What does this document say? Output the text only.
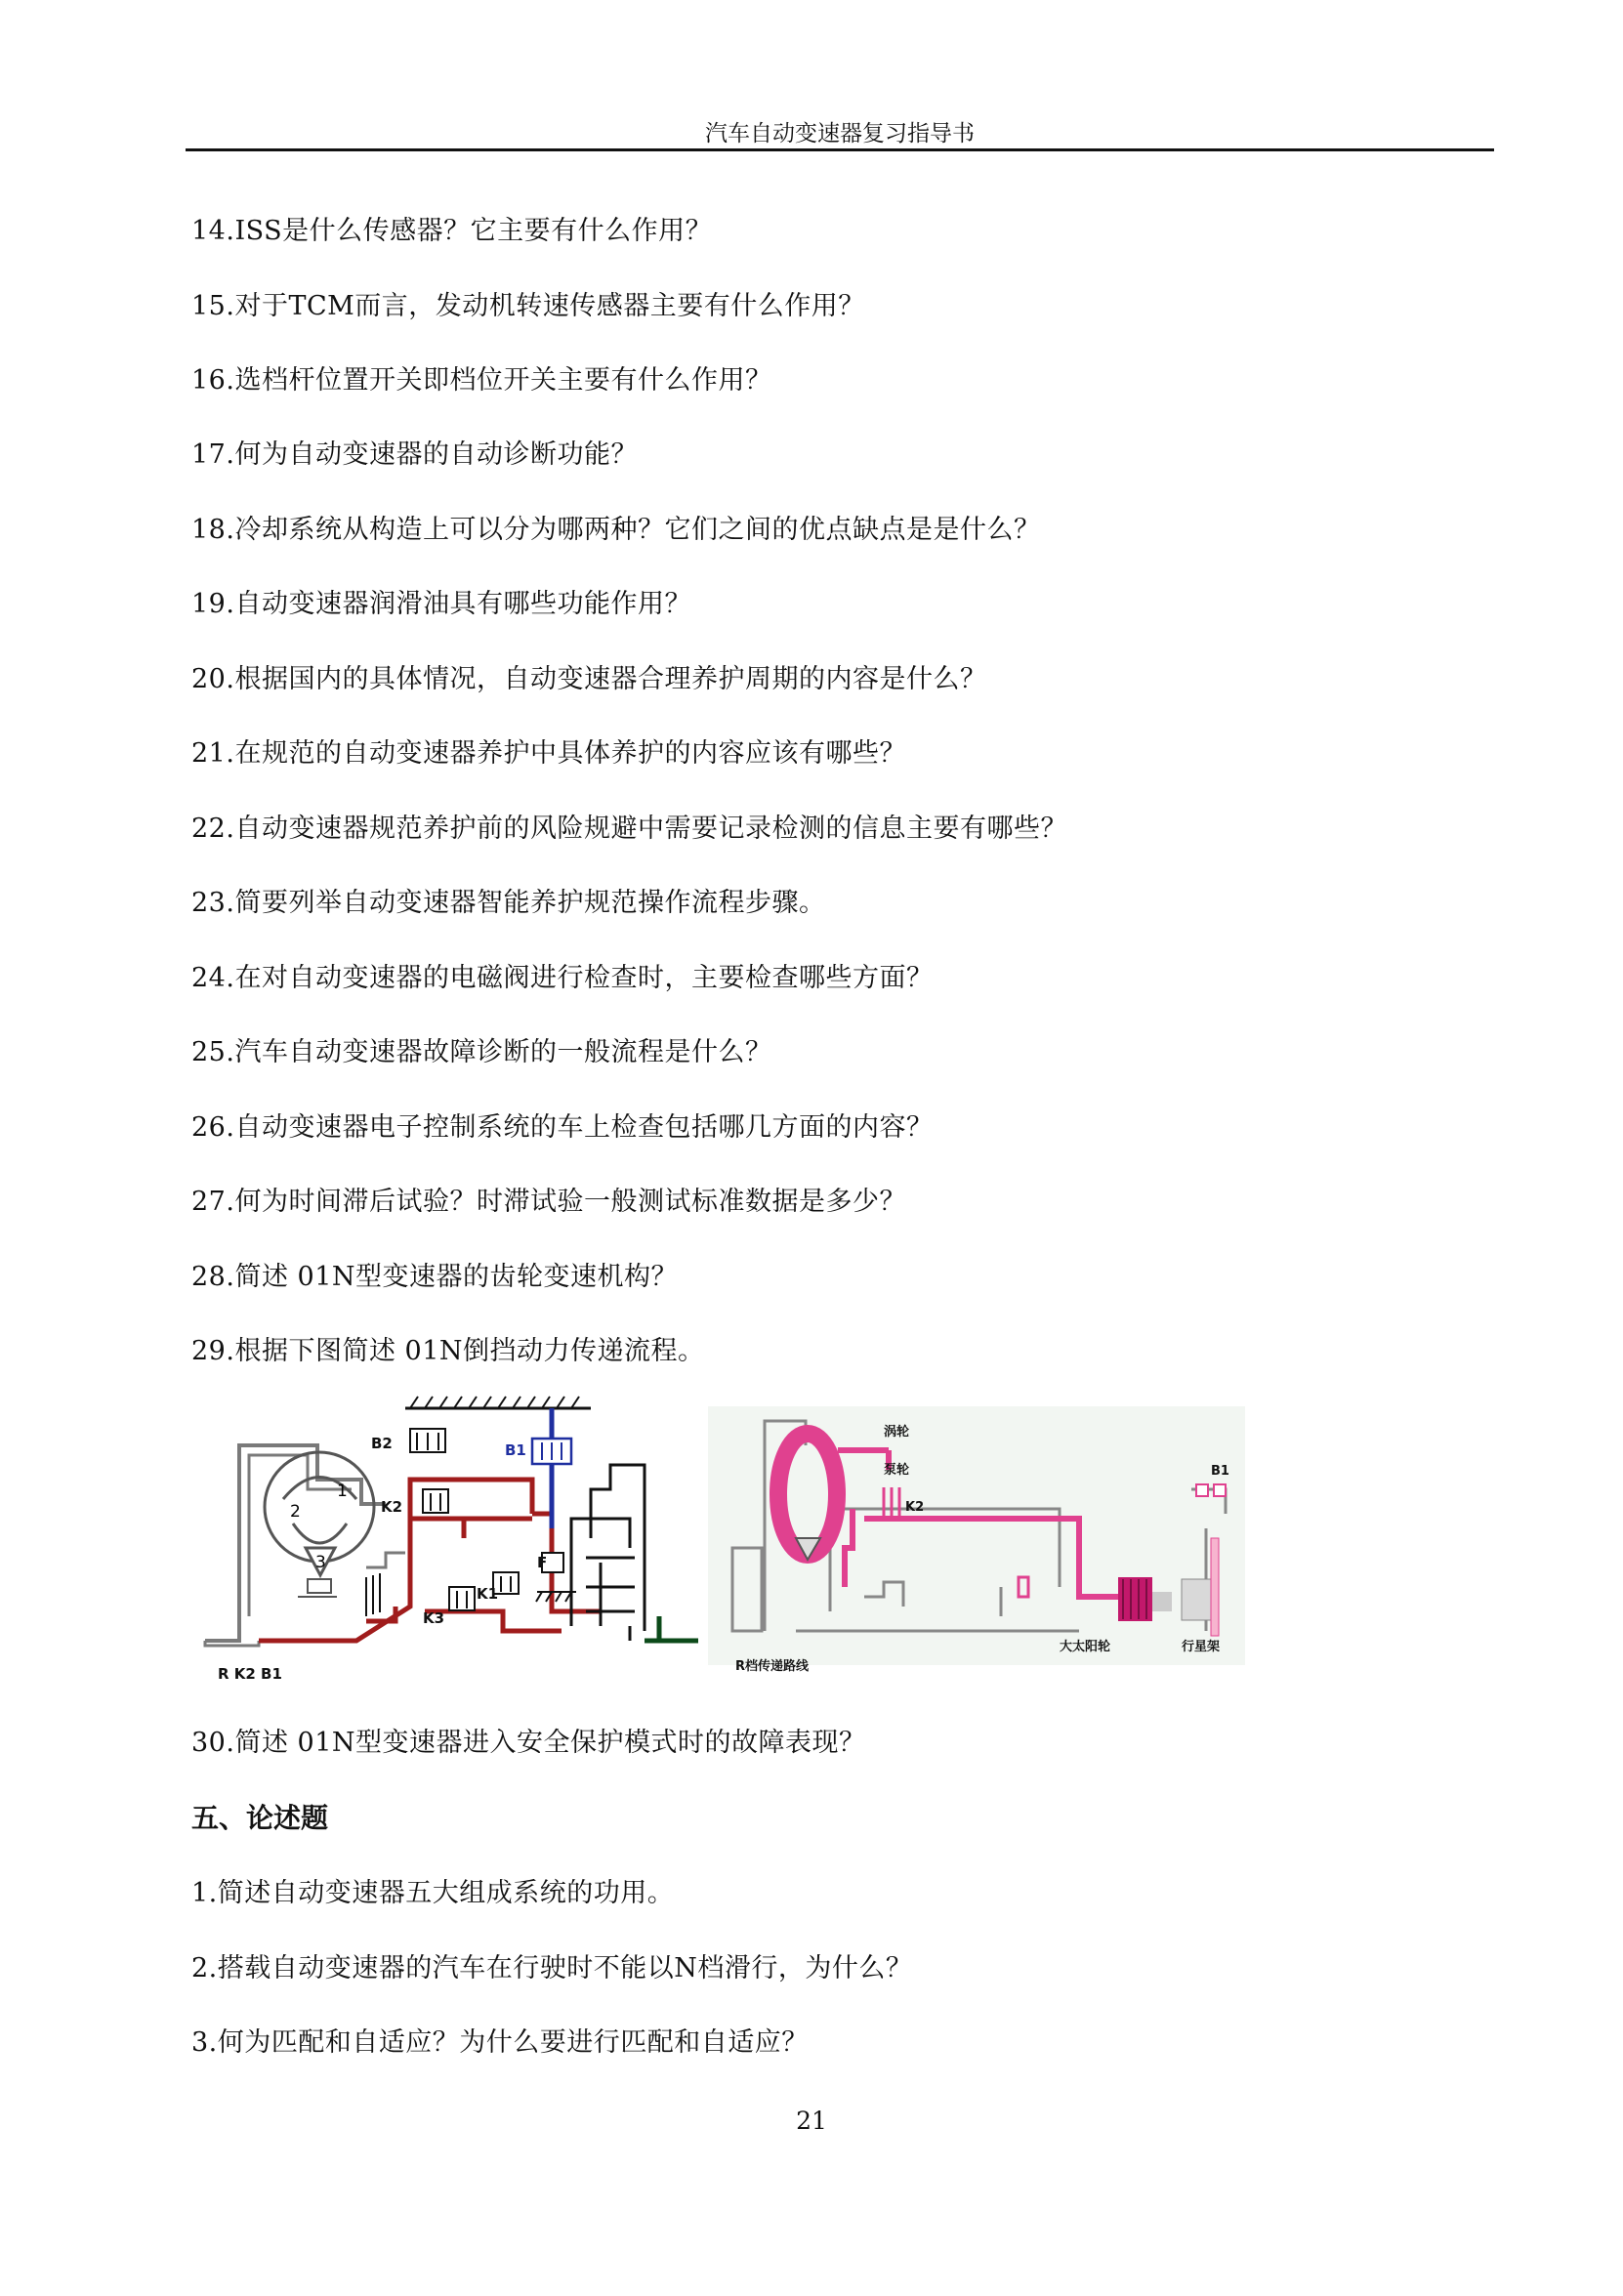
汽车自动变速器复习指导书
14.ISS是什么传感器？它主要有什么作用？
15.对于TCM而言，发动机转速传感器主要有什么作用？
16.选档杆位置开关即档位开关主要有什么作用？
17.何为自动变速器的自动诊断功能？
18.冷却系统从构造上可以分为哪两种？它们之间的优点缺点是是什么？
19.自动变速器润滑油具有哪些功能作用？
20.根据国内的具体情况，自动变速器合理养护周期的内容是什么？
21.在规范的自动变速器养护中具体养护的内容应该有哪些？
22.自动变速器规范养护前的风险规避中需要记录检测的信息主要有哪些？
23.简要列举自动变速器智能养护规范操作流程步骤。
24.在对自动变速器的电磁阀进行检查时，主要检查哪些方面？
25.汽车自动变速器故障诊断的一般流程是什么？
26.自动变速器电子控制系统的车上检查包括哪几方面的内容？
27.何为时间滞后试验？时滞试验一般测试标准数据是多少？
28.简述 01N型变速器的齿轮变速机构？
29.根据下图简述 01N倒挡动力传递流程。
2
1
3
B2	B1
K2
K1
K3
F
R K2 B1
涡轮
泵轮
K2
B1
大太阳轮	行星架
R档传递路线
30.简述 01N型变速器进入安全保护模式时的故障表现？
五、论述题
1.简述自动变速器五大组成系统的功用。
2.搭载自动变速器的汽车在行驶时不能以N档滑行，为什么？
3.何为匹配和自适应？为什么要进行匹配和自适应？
21
